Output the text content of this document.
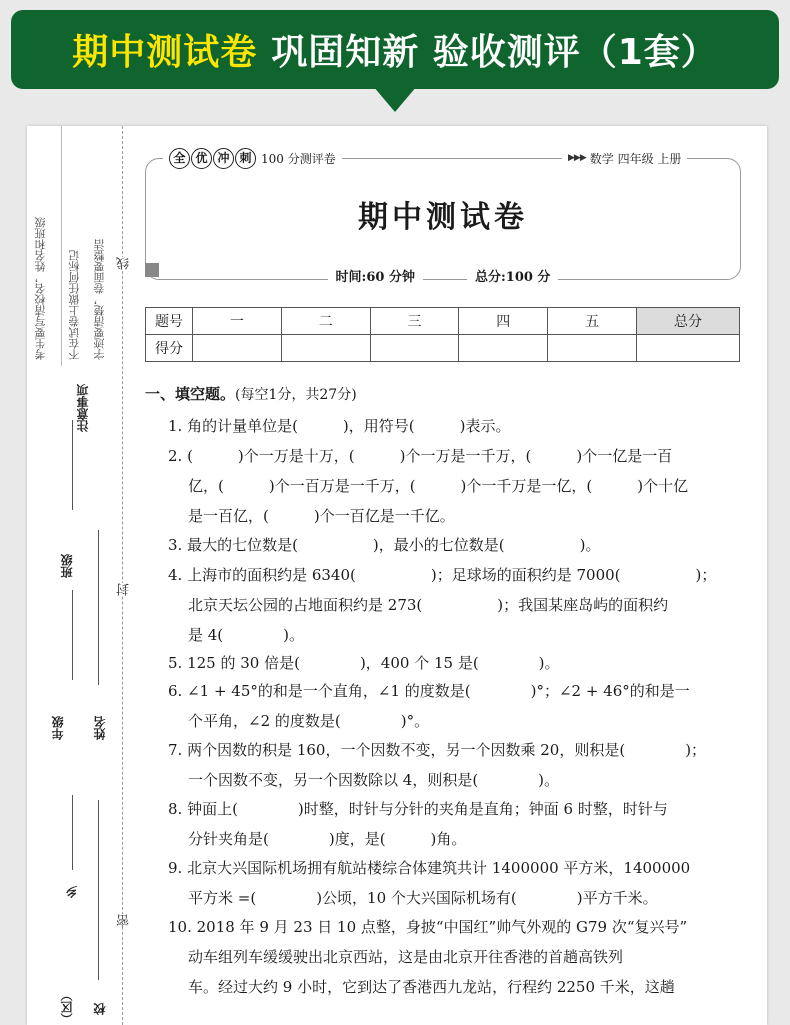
期中测试卷 巩固知新 验收测评（1套）
考生要写清校名，姓名和班级 不在试卷上做任何标记 字迹要清楚，卷面要整洁
注意事项
班级
年级 姓名
乡
（区） 校
线
封
密
全 优 冲 刺 100 分测评卷	▶▶▶ 数学 四年级 上册
期中测试卷
时间:60 分钟	总分:100 分
题号	一	二	三	四	五	总分
得分						
一、填空题。(每空1分，共27分)
1. 角的计量单位是(　　　)，用符号(　　　)表示。
2. (　　　)个一万是十万，(　　　)个一万是一千万，(　　　)个一亿是一百
亿，(　　　)个一百万是一千万，(　　　)个一千万是一亿，(　　　)个十亿
是一百亿，(　　　)个一百亿是一千亿。
3. 最大的七位数是(　　　　　)，最小的七位数是(　　　　　)。
4. 上海市的面积约是 6340(　　　　　)；足球场的面积约是 7000(　　　　　)；
北京天坛公园的占地面积约是 273(　　　　　)；我国某座岛屿的面积约
是 4(　　　　)。
5. 125 的 30 倍是(　　　　)，400 个 15 是(　　　　)。
6. ∠1 + 45°的和是一个直角，∠1 的度数是(　　　　)°；∠2 + 46°的和是一
个平角，∠2 的度数是(　　　　)°。
7. 两个因数的积是 160，一个因数不变，另一个因数乘 20，则积是(　　　　)；
一个因数不变，另一个因数除以 4，则积是(　　　　)。
8. 钟面上(　　　　)时整，时针与分针的夹角是直角；钟面 6 时整，时针与
分针夹角是(　　　　)度，是(　　　)角。
9. 北京大兴国际机场拥有航站楼综合体建筑共计 1400000 平方米，1400000
平方米 =(　　　　)公顷，10 个大兴国际机场有(　　　　)平方千米。
10. 2018 年 9 月 23 日 10 点整，身披“中国红”帅气外观的 G79 次“复兴号”
动车组列车缓缓驶出北京西站，这是由北京开往香港的首趟高铁列
车。经过大约 9 小时，它到达了香港西九龙站，行程约 2250 千米，这趟
